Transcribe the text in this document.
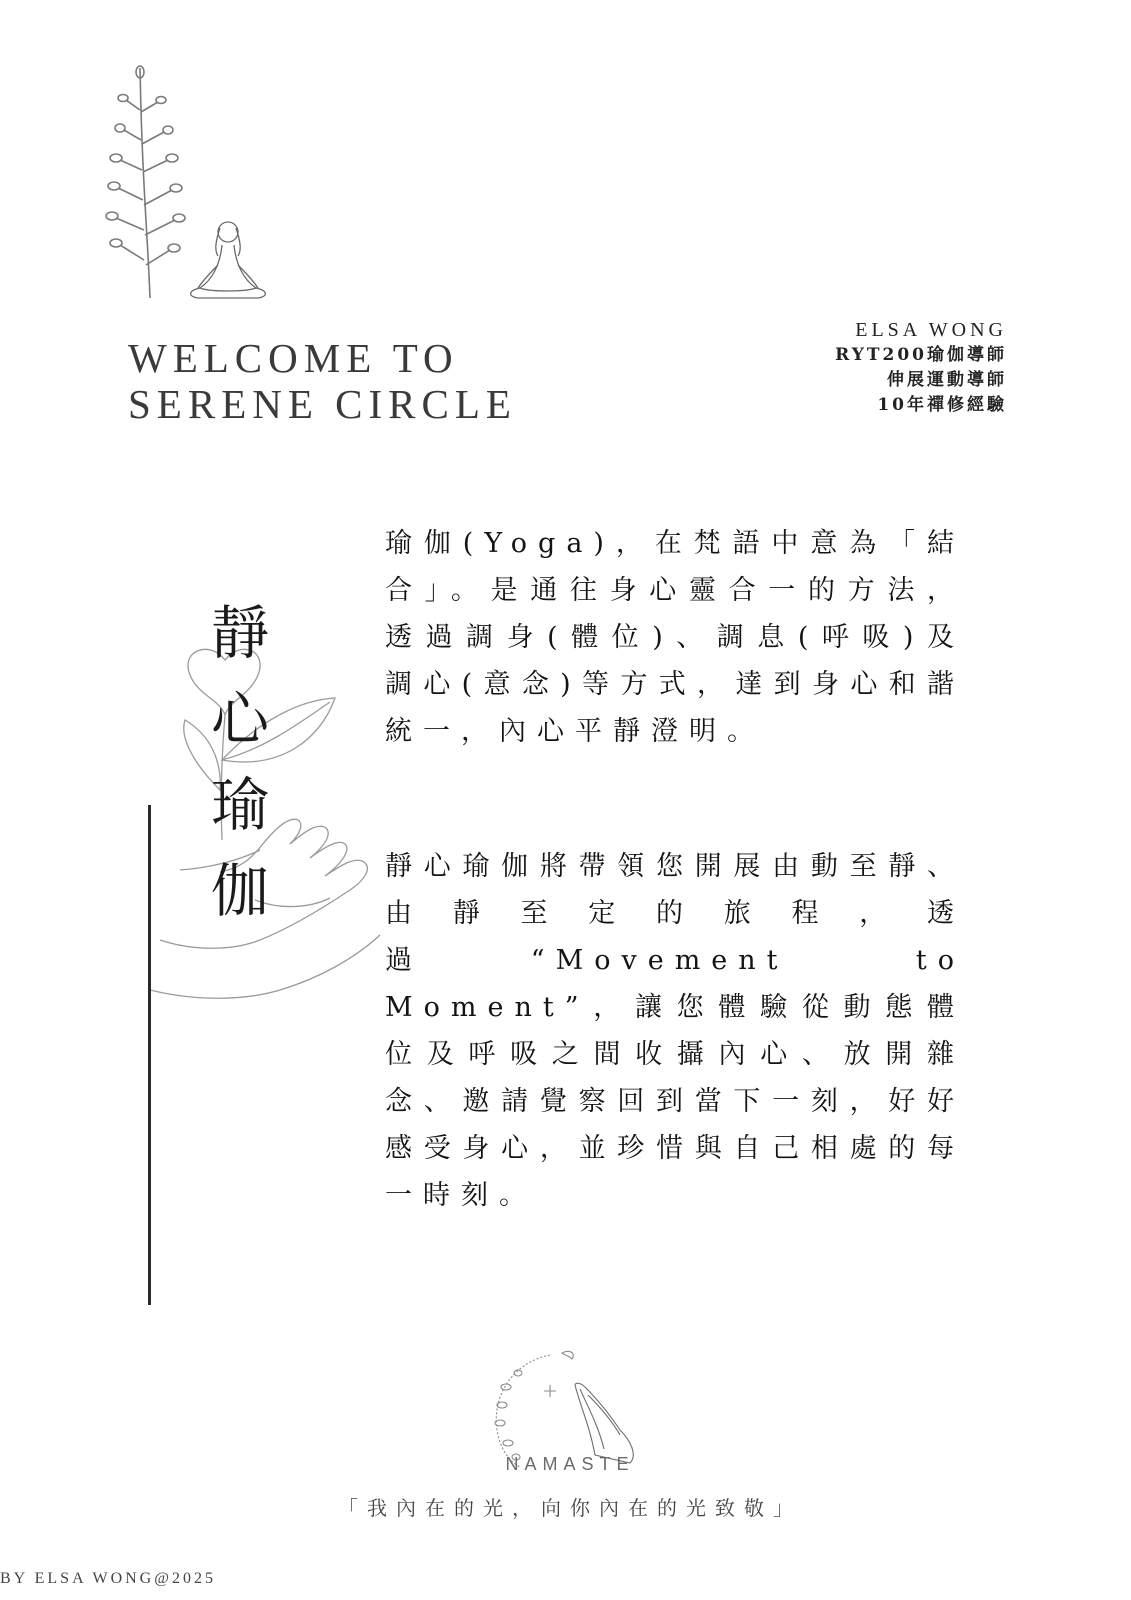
WELCOME TO
SERENE CIRCLE
ELSA WONG
RYT200瑜伽導師
伸展運動導師
10年禪修經驗
靜
心
瑜
伽
瑜伽(Yoga)，在梵語中意為「結合」。是通往身心靈合一的方法，透過調身(體位)、調息(呼吸)及調心(意念)等方式，達到身心和諧統一，內心平靜澄明。
靜心瑜伽將帶領您開展由動至靜、由靜至定的旅程，透過“Movement to Moment”，讓您體驗從動態體位及呼吸之間收攝內心、放開雜念、邀請覺察回到當下一刻，好好感受身心，並珍惜與自己相處的每一時刻。
NAMASTE
「我內在的光，向你內在的光致敬」
BY ELSA WONG@2025
